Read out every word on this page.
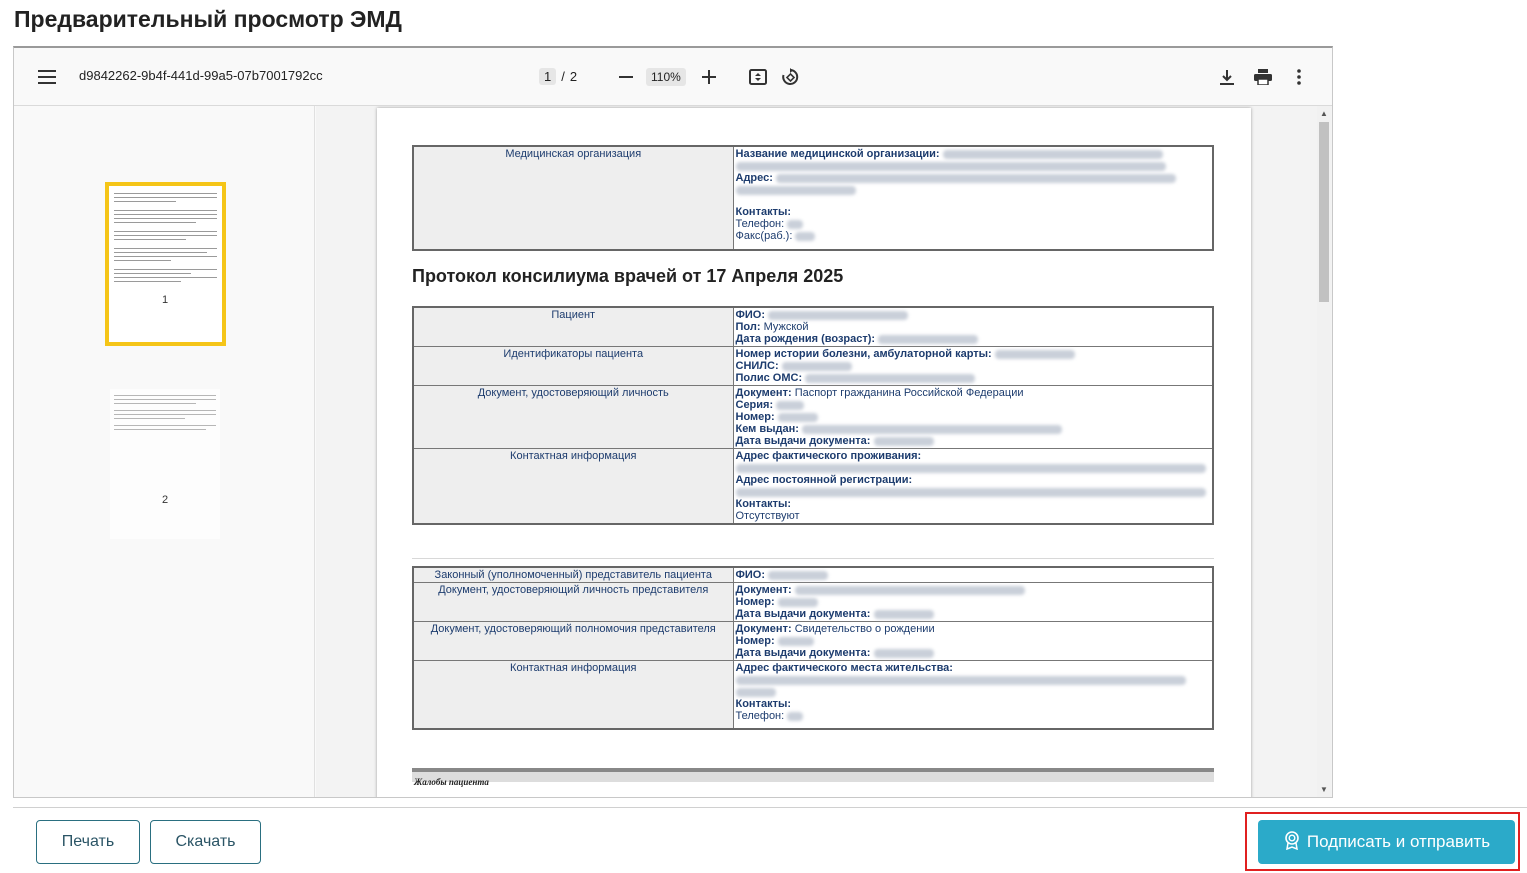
Предварительный просмотр ЭМД
d9842262-9b4f-441d-99a5-07b7001792cc	1 / 2	110%
1
2
Медицинская организация	Название медицинской организации:
Адрес:
Контакты:
Телефон:
Факс(раб.):
Протокол консилиума врачей от 17 Апреля 2025
Пациент	ФИО:
Пол: Мужской
Дата рождения (возраст):

Идентификаторы пациента	Номер истории болезни, амбулаторной карты:
СНИЛС:
Полис ОМС:

Документ, удостоверяющий личность	Документ: Паспорт гражданина Российской Федерации
Серия:
Номер:
Кем выдан:
Дата выдачи документа:

Контактная информация	Адрес фактического проживания:
Адрес постоянной регистрации:
Контакты:
Отсутствуют
Законный (уполномоченный) представитель пациента	ФИО:
Документ, удостоверяющий личность представителя	Документ:
Номер:
Дата выдачи документа:

Документ, удостоверяющий полномочия представителя	Документ: Свидетельство о рождении
Номер:
Дата выдачи документа:

Контактная информация	Адрес фактического места жительства:
Контакты:
Телефон:
Жалобы пациента
▲
▼
Печать	Скачать	Подписать и отправить
